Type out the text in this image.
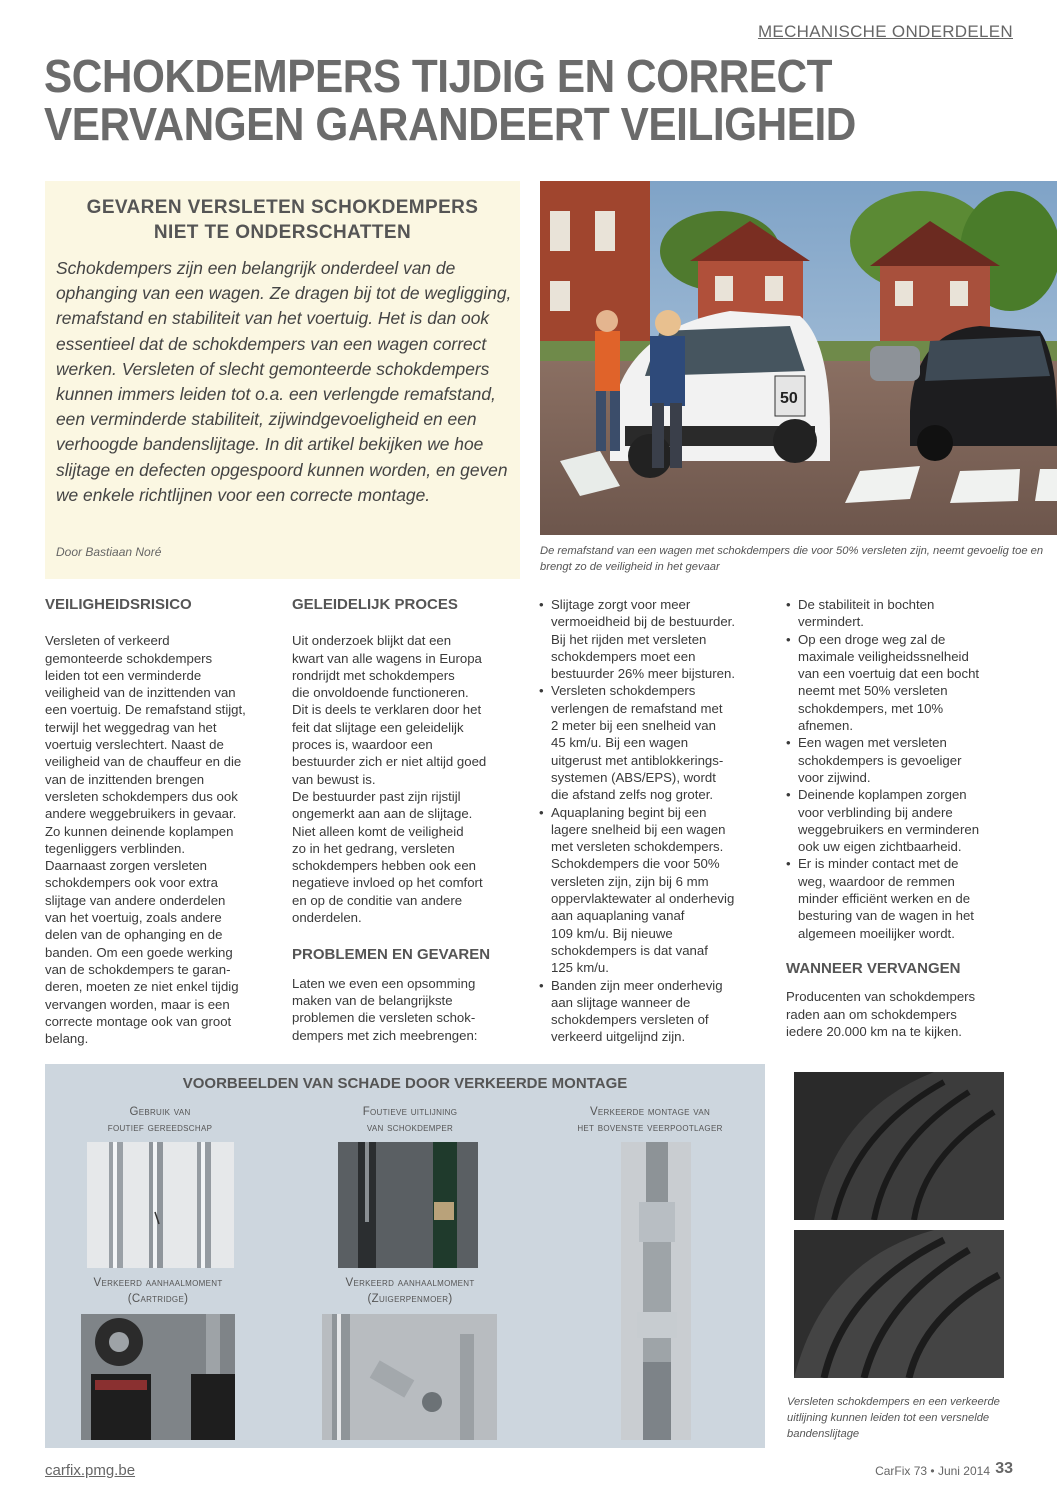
MECHANISCHE ONDERDELEN
SCHOKDEMPERS TIJDIG EN CORRECT
VERVANGEN GARANDEERT VEILIGHEID
GEVAREN VERSLETEN SCHOKDEMPERS
NIET TE ONDERSCHATTEN
Schokdempers zijn een belangrijk onderdeel van de ophanging van een wagen. Ze dragen bij tot de wegligging, remafstand en stabiliteit van het voertuig. Het is dan ook essentieel dat de schokdempers van een wagen correct werken. Versleten of slecht gemonteerde schokdempers kunnen immers leiden tot o.a. een verlengde remafstand, een verminderde stabiliteit, zijwindgevoeligheid en een verhoogde bandenslijtage. In dit artikel bekijken we hoe slijtage en defecten opgespoord kunnen worden, en geven we enkele richtlijnen voor een correcte montage.
Door Bastiaan Noré
50
De remafstand van een wagen met schokdempers die voor 50% versleten zijn, neemt gevoelig toe en brengt zo de veiligheid in het gevaar
VEILIGHEIDSRISICO

Versleten of verkeerd

gemonteerde schokdempers

leiden tot een verminderde

veiligheid van de inzittenden van

een voertuig. De remafstand stijgt,

terwijl het weggedrag van het

voertuig verslechtert. Naast de

veiligheid van de chauffeur en die

van de inzittenden brengen

versleten schokdempers dus ook

andere weggebruikers in gevaar.

Zo kunnen deinende koplampen

tegenliggers verblinden.

Daarnaast zorgen versleten

schokdempers ook voor extra

slijtage van andere onderdelen

van het voertuig, zoals andere

delen van de ophanging en de

banden. Om een goede werking

van de schokdempers te garan-

deren, moeten ze niet enkel tijdig

vervangen worden, maar is een

correcte montage ook van groot

belang.

GELEIDELIJK PROCES

Uit onderzoek blijkt dat een

kwart van alle wagens in Europa

rondrijdt met schokdempers

die onvoldoende functioneren.

Dit is deels te verklaren door het

feit dat slijtage een geleidelijk

proces is, waardoor een

bestuurder zich er niet altijd goed

van bewust is.

De bestuurder past zijn rijstijl

ongemerkt aan aan de slijtage.

Niet alleen komt de veiligheid

zo in het gedrang, versleten

schokdempers hebben ook een

negatieve invloed op het comfort

en op de conditie van andere

onderdelen.

PROBLEMEN EN GEVAREN

Laten we even een opsomming

maken van de belangrijkste

problemen die versleten schok-

dempers met zich meebrengen:

• Slijtage zorgt voor meer
vermoeidheid bij de bestuurder.
Bij het rijden met versleten
schokdempers moet een
bestuurder 26% meer bijsturen.
• Versleten schokdempers
verlengen de remafstand met
2 meter bij een snelheid van
45 km/u. Bij een wagen
uitgerust met antiblokkerings-
systemen (ABS/EPS), wordt
die afstand zelfs nog groter.
• Aquaplaning begint bij een
lagere snelheid bij een wagen
met versleten schokdempers.
Schokdempers die voor 50%
versleten zijn, zijn bij 6 mm
oppervlaktewater al onderhevig
aan aquaplaning vanaf
109 km/u. Bij nieuwe
schokdempers is dat vanaf
125 km/u.
• Banden zijn meer onderhevig
aan slijtage wanneer de
schokdempers versleten of
verkeerd uitgelijnd zijn.
• De stabiliteit in bochten
vermindert.
• Op een droge weg zal de
maximale veiligheidssnelheid
van een voertuig dat een bocht
neemt met 50% versleten
schokdempers, met 10%
afnemen.
• Een wagen met versleten
schokdempers is gevoeliger
voor zijwind.
• Deinende koplampen zorgen
voor verblinding bij andere
weggebruikers en verminderen
ook uw eigen zichtbaarheid.
• Er is minder contact met de
weg, waardoor de remmen
minder efficiënt werken en de
besturing van de wagen in het
algemeen moeilijker wordt.
WANNEER VERVANGEN

Producenten van schokdempers

raden aan om schokdempers

iedere 20.000 km na te kijken.

VOORBEELDEN VAN SCHADE DOOR VERKEERDE MONTAGE
Gebruik van
foutief gereedschap
Foutieve uitlijning
van schokdemper
Verkeerde montage van
het bovenste veerpootlager
Verkeerd aanhaalmoment
(Cartridge)
Verkeerd aanhaalmoment
(Zuigerpenmoer)
Versleten schokdempers en een verkeerde uitlijning kunnen leiden tot een versnelde bandenslijtage
carfix.pmg.be	CarFix 73 • Juni 2014 33
